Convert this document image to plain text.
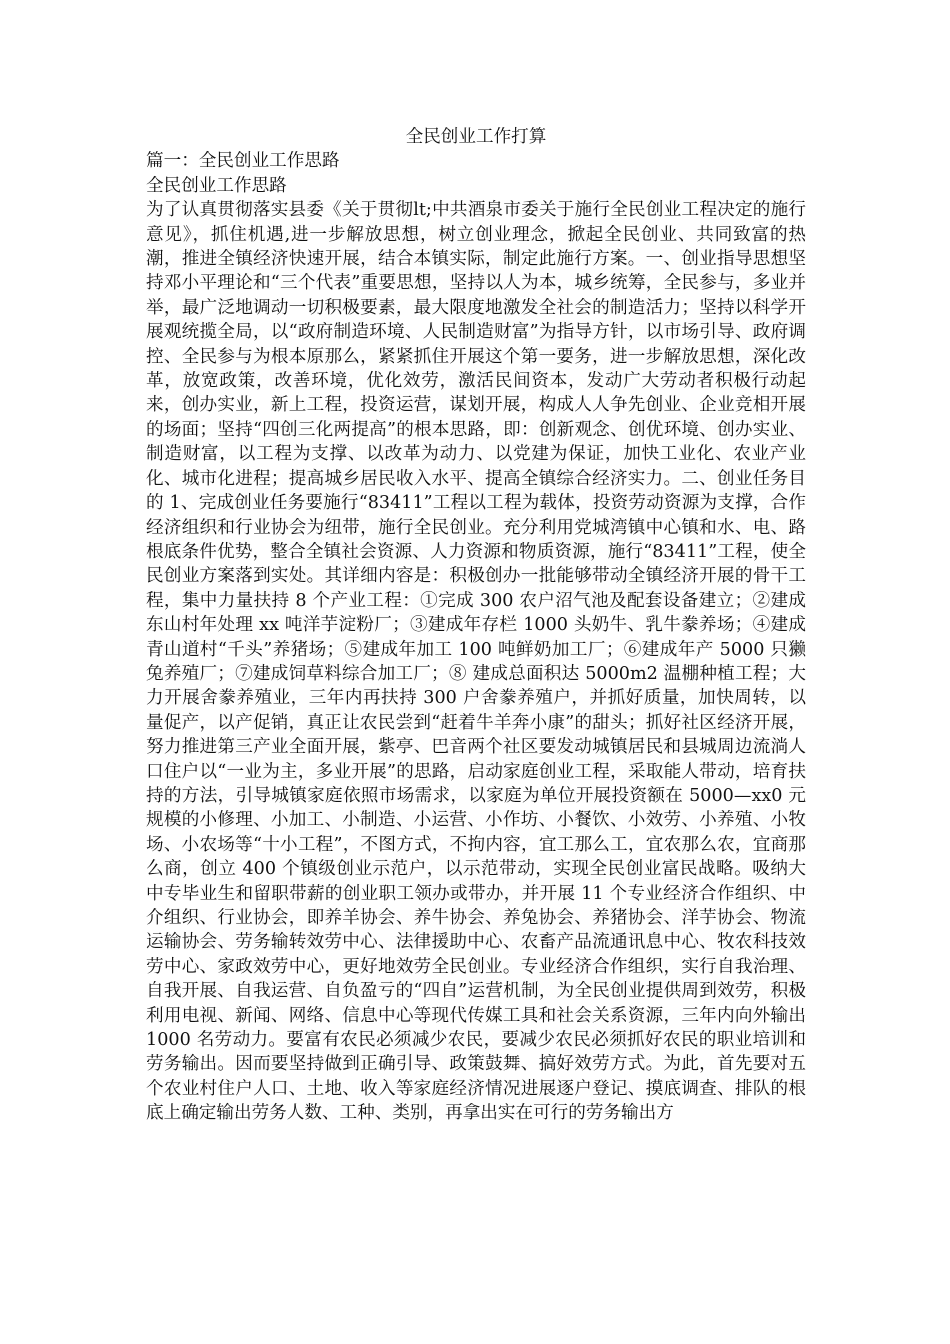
全民创业工作打算

篇一：全民创业工作思路

全民创业工作思路

为了认真贯彻落实县委《关于贯彻lt;中共酒泉市委关于施行全民创业工程决定的施行意见》，抓住机遇,进一步解放思想，树立创业理念，掀起全民创业、共同致富的热潮，推进全镇经济快速开展，结合本镇实际，制定此施行方案。一、创业指导思想坚持邓小平理论和“三个代表”重要思想，坚持以人为本，城乡统筹，全民参与，多业并举，最广泛地调动一切积极要素，最大限度地激发全社会的制造活力；坚持以科学开展观统揽全局，以“政府制造环境、人民制造财富”为指导方针，以市场引导、政府调控、全民参与为根本原那么，紧紧抓住开展这个第一要务，进一步解放思想，深化改革，放宽政策，改善环境，优化效劳，激活民间资本，发动广大劳动者积极行动起来，创办实业，新上工程，投资运营，谋划开展，构成人人争先创业、企业竞相开展的场面；坚持“四创三化两提高”的根本思路，即：创新观念、创优环境、创办实业、制造财富，以工程为支撑、以改革为动力、以党建为保证，加快工业化、农业产业化、城市化进程；提高城乡居民收入水平、提高全镇综合经济实力。二、创业任务目的 1、完成创业任务要施行“83411”工程以工程为载体，投资劳动资源为支撑，合作经济组织和行业协会为纽带，施行全民创业。充分利用党城湾镇中心镇和水、电、路根底条件优势，整合全镇社会资源、人力资源和物质资源，施行“83411”工程，使全民创业方案落到实处。其详细内容是：积极创办一批能够带动全镇经济开展的骨干工程，集中力量扶持 8 个产业工程：①完成 300 农户沼气池及配套设备建立；②建成东山村年处理 xx 吨洋芋淀粉厂；③建成年存栏 1000 头奶牛、乳牛豢养场；④建成青山道村“千头”养猪场；⑤建成年加工 100 吨鲜奶加工厂；⑥建成年产 5000 只獭兔养殖厂；⑦建成饲草料综合加工厂；⑧ 建成总面积达 5000m2 温棚种植工程；大力开展舍豢养殖业，三年内再扶持 300 户舍豢养殖户，并抓好质量，加快周转，以量促产，以产促销，真正让农民尝到“赶着牛羊奔小康”的甜头；抓好社区经济开展，努力推进第三产业全面开展，紫亭、巴音两个社区要发动城镇居民和县城周边流淌人口住户以“一业为主，多业开展”的思路，启动家庭创业工程，采取能人带动，培育扶持的方法，引导城镇家庭依照市场需求，以家庭为单位开展投资额在 5000—xx0 元规模的小修理、小加工、小制造、小运营、小作坊、小餐饮、小效劳、小养殖、小牧场、小农场等“十小工程”，不图方式，不拘内容，宜工那么工，宜农那么农，宜商那么商，创立 400 个镇级创业示范户，以示范带动，实现全民创业富民战略。吸纳大中专毕业生和留职带薪的创业职工领办或带办，并开展 11 个专业经济合作组织、中介组织、行业协会，即养羊协会、养牛协会、养兔协会、养猪协会、洋芋协会、物流运输协会、劳务输转效劳中心、法律援助中心、农畜产品流通讯息中心、牧农科技效劳中心、家政效劳中心，更好地效劳全民创业。专业经济合作组织，实行自我治理、自我开展、自我运营、自负盈亏的“四自”运营机制，为全民创业提供周到效劳，积极利用电视、新闻、网络、信息中心等现代传媒工具和社会关系资源，三年内向外输出 1000 名劳动力。要富有农民必须减少农民，要减少农民必须抓好农民的职业培训和劳务输出。因而要坚持做到正确引导、政策鼓舞、搞好效劳方式。为此，首先要对五个农业村住户人口、土地、收入等家庭经济情况进展逐户登记、摸底调查、排队的根底上确定输出劳务人数、工种、类别，再拿出实在可行的劳务输出方
